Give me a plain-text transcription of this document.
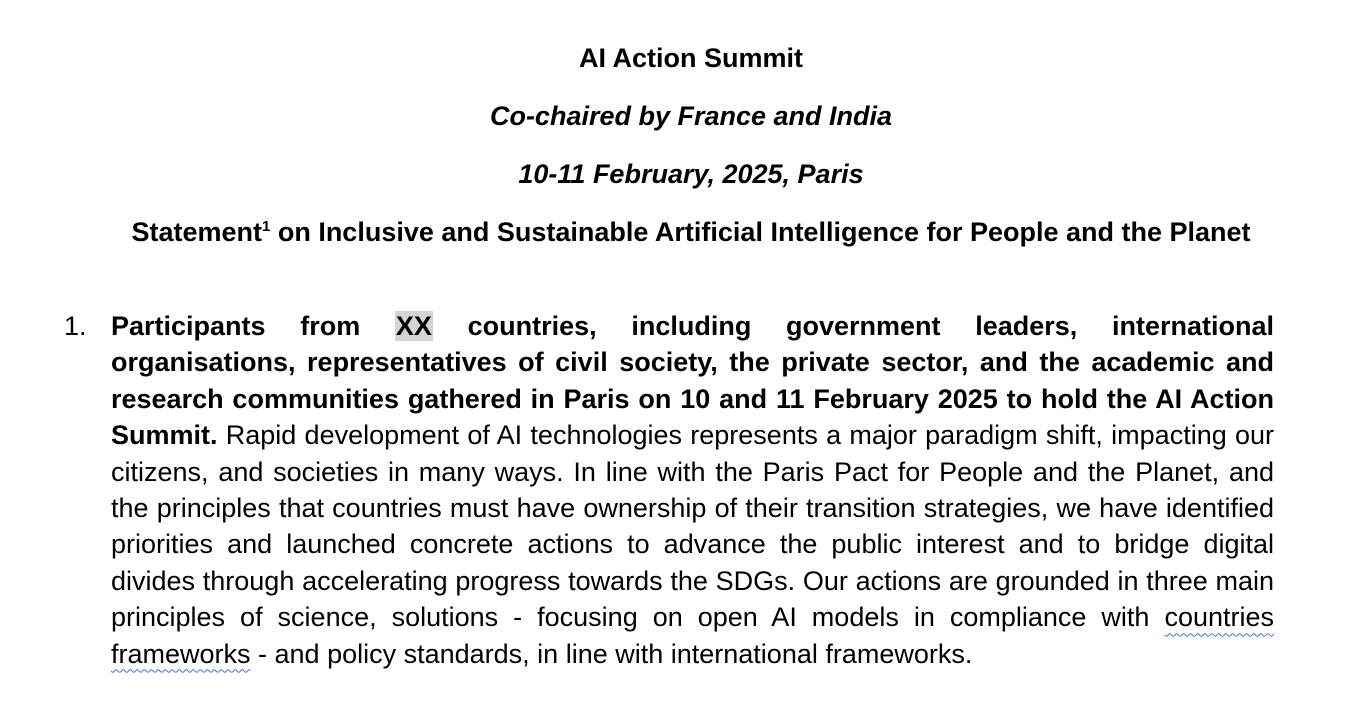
AI Action Summit

Co-chaired by France and India

10-11 February, 2025, Paris

Statement$^1$ on Inclusive and Sustainable Artificial Intelligence for People and the Planet

1. Participants from XX countries, including government leaders, international organisations, representatives of civil society, the private sector, and the academic and research communities gathered in Paris on 10 and 11 February 2025 to hold the AI Action Summit. Rapid development of AI technologies represents a major paradigm shift, impacting our citizens, and societies in many ways. In line with the Paris Pact for People and the Planet, and the principles that countries must have ownership of their transition strategies, we have identified priorities and launched concrete actions to advance the public interest and to bridge digital divides through accelerating progress towards the SDGs. Our actions are grounded in three main principles of science, solutions - focusing on open AI models in compliance with countries frameworks - and policy standards, in line with international frameworks.
